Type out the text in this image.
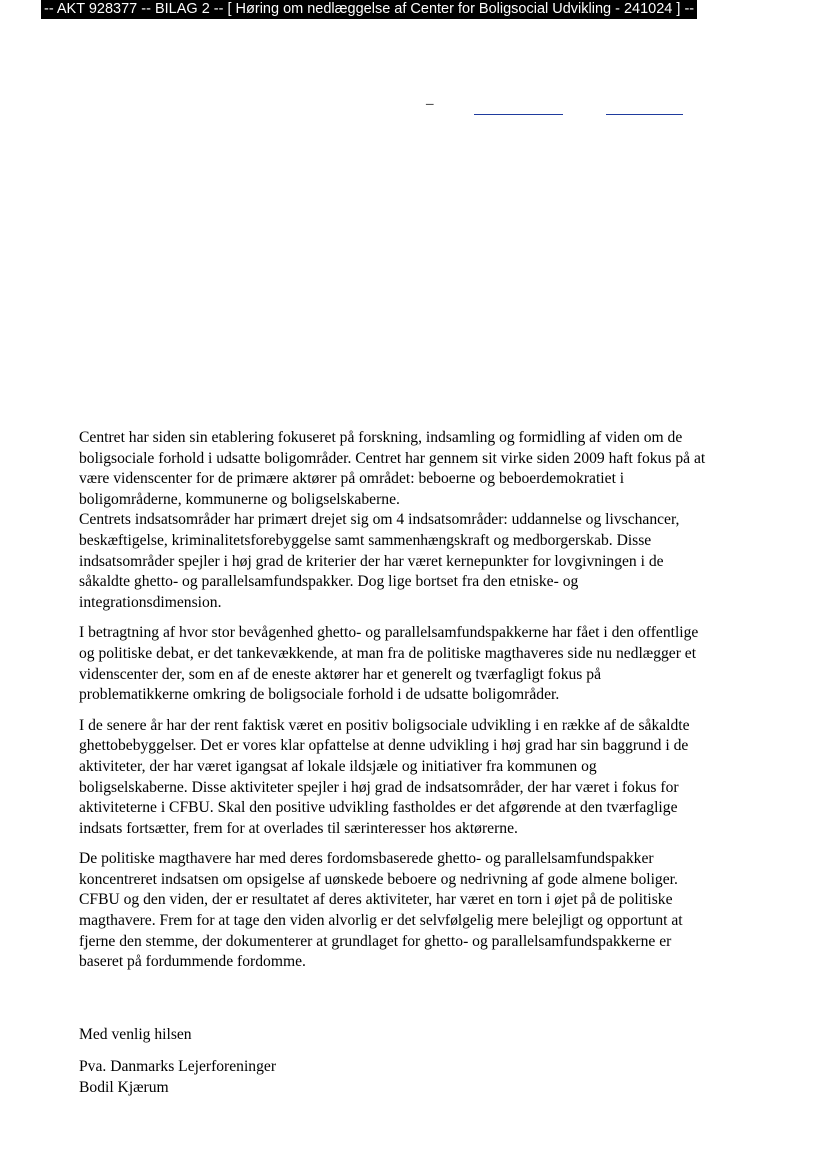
-- AKT 928377 -- BILAG 2 -- [ Høring om nedlæggelse af Center for Boligsocial Udvikling - 241024 ] --
–

Centret har siden sin etablering fokuseret på forskning, indsamling og formidling af viden om de

boligsociale forhold i udsatte boligområder. Centret har gennem sit virke siden 2009 haft fokus på at

være videnscenter for de primære aktører på området: beboerne og beboerdemokratiet i

boligområderne, kommunerne og boligselskaberne.

Centrets indsatsområder har primært drejet sig om 4 indsatsområder: uddannelse og livschancer,

beskæftigelse, kriminalitetsforebyggelse samt sammenhængskraft og medborgerskab. Disse

indsatsområder spejler i høj grad de kriterier der har været kernepunkter for lovgivningen i de

såkaldte ghetto- og parallelsamfundspakker. Dog lige bortset fra den etniske- og

integrationsdimension.

I betragtning af hvor stor bevågenhed ghetto- og parallelsamfundspakkerne har fået i den offentlige

og politiske debat, er det tankevækkende, at man fra de politiske magthaveres side nu nedlægger et

videnscenter der, som en af de eneste aktører har et generelt og tværfagligt fokus på

problematikkerne omkring de boligsociale forhold i de udsatte boligområder.

I de senere år har der rent faktisk været en positiv boligsociale udvikling i en række af de såkaldte

ghettobebyggelser. Det er vores klar opfattelse at denne udvikling i høj grad har sin baggrund i de

aktiviteter, der har været igangsat af lokale ildsjæle og initiativer fra kommunen og

boligselskaberne. Disse aktiviteter spejler i høj grad de indsatsområder, der har været i fokus for

aktiviteterne i CFBU. Skal den positive udvikling fastholdes er det afgørende at den tværfaglige

indsats fortsætter, frem for at overlades til særinteresser hos aktørerne.

De politiske magthavere har med deres fordomsbaserede ghetto- og parallelsamfundspakker

koncentreret indsatsen om opsigelse af uønskede beboere og nedrivning af gode almene boliger.

CFBU og den viden, der er resultatet af deres aktiviteter, har været en torn i øjet på de politiske

magthavere. Frem for at tage den viden alvorlig er det selvfølgelig mere belejligt og opportunt at

fjerne den stemme, der dokumenterer at grundlaget for ghetto- og parallelsamfundspakkerne er

baseret på fordummende fordomme.

Med venlig hilsen

Pva. Danmarks Lejerforeninger

Bodil Kjærum
